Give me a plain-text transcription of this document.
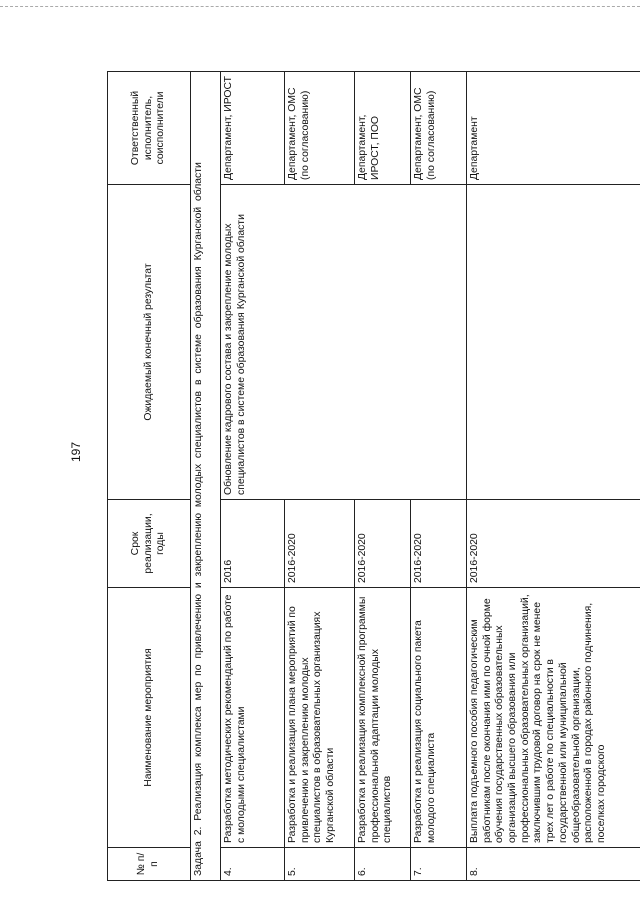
197
№ п/п	Наименование мероприятия	Срок реализации, годы	Ожидаемый конечный результат	Ответственный исполнитель, соисполнители
Задача 2. Реализация комплекса мер по привлечению и закреплению молодых специалистов в системе образования Курганской области				
4.	Разработка методических рекомендаций по работе с молодыми специалистами	2016	Обновление кадрового состава и закрепление молодых специалистов в системе образования Курганской области	Департамент, ИРОСТ
5.	Разработка и реализация плана мероприятий по привлечению и закреплению молодых специалистов в образовательных организациях Курганской области	2016-2020		Департамент, ОМС (по согласованию)
6.	Разработка и реализация комплексной программы профессиональной адаптации молодых специалистов	2016-2020		Департамент, ИРОСТ, ПОО
7.	Разработка и реализация социального пакета молодого специалиста	2016-2020		Департамент, ОМС (по согласованию)
8.	Выплата подъемного пособия педагогическим работникам после окончания ими по очной форме обучения государственных образовательных организаций высшего образования или профессиональных образовательных организаций, заключившим трудовой договор на срок не менее трех лет о работе по специальности в государственной или муниципальной общеобразовательной организации, расположенной в городах районного подчинения, поселках городского	2016-2020		Департамент
